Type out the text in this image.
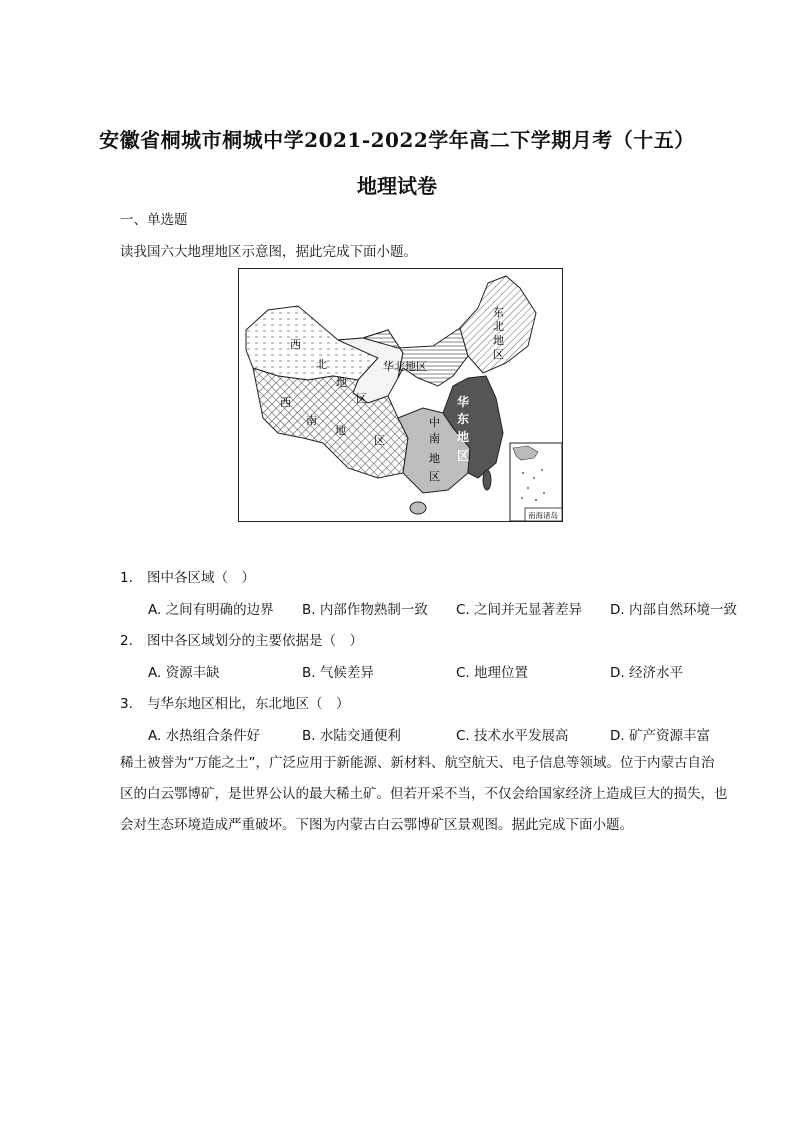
安徽省桐城市桐城中学2021-2022学年高二下学期月考（十五）
地理试卷
一、单选题
读我国六大地理地区示意图，据此完成下面小题。
南海诸岛
西
北
地
区
华北地区
东
北
地
区
西
南
地
区
中
南
地
区
华
东
地
区
1. 图中各区域（　）
A. 之间有明确的边界 B. 内部作物熟制一致 C. 之间并无显著差异 D. 内部自然环境一致
2. 图中各区域划分的主要依据是（　）
A. 资源丰缺	B. 气候差异	C. 地理位置	D. 经济水平
3. 与华东地区相比，东北地区（　）
A. 水热组合条件好	B. 水陆交通便利	C. 技术水平发展高	D. 矿产资源丰富

稀土被誉为“万能之土”，广泛应用于新能源、新材料、航空航天、电子信息等领域。位于内蒙古自治

区的白云鄂博矿，是世界公认的最大稀土矿。但若开采不当，不仅会给国家经济上造成巨大的损失，也

会对生态环境造成严重破坏。下图为内蒙古白云鄂博矿区景观图。据此完成下面小题。
